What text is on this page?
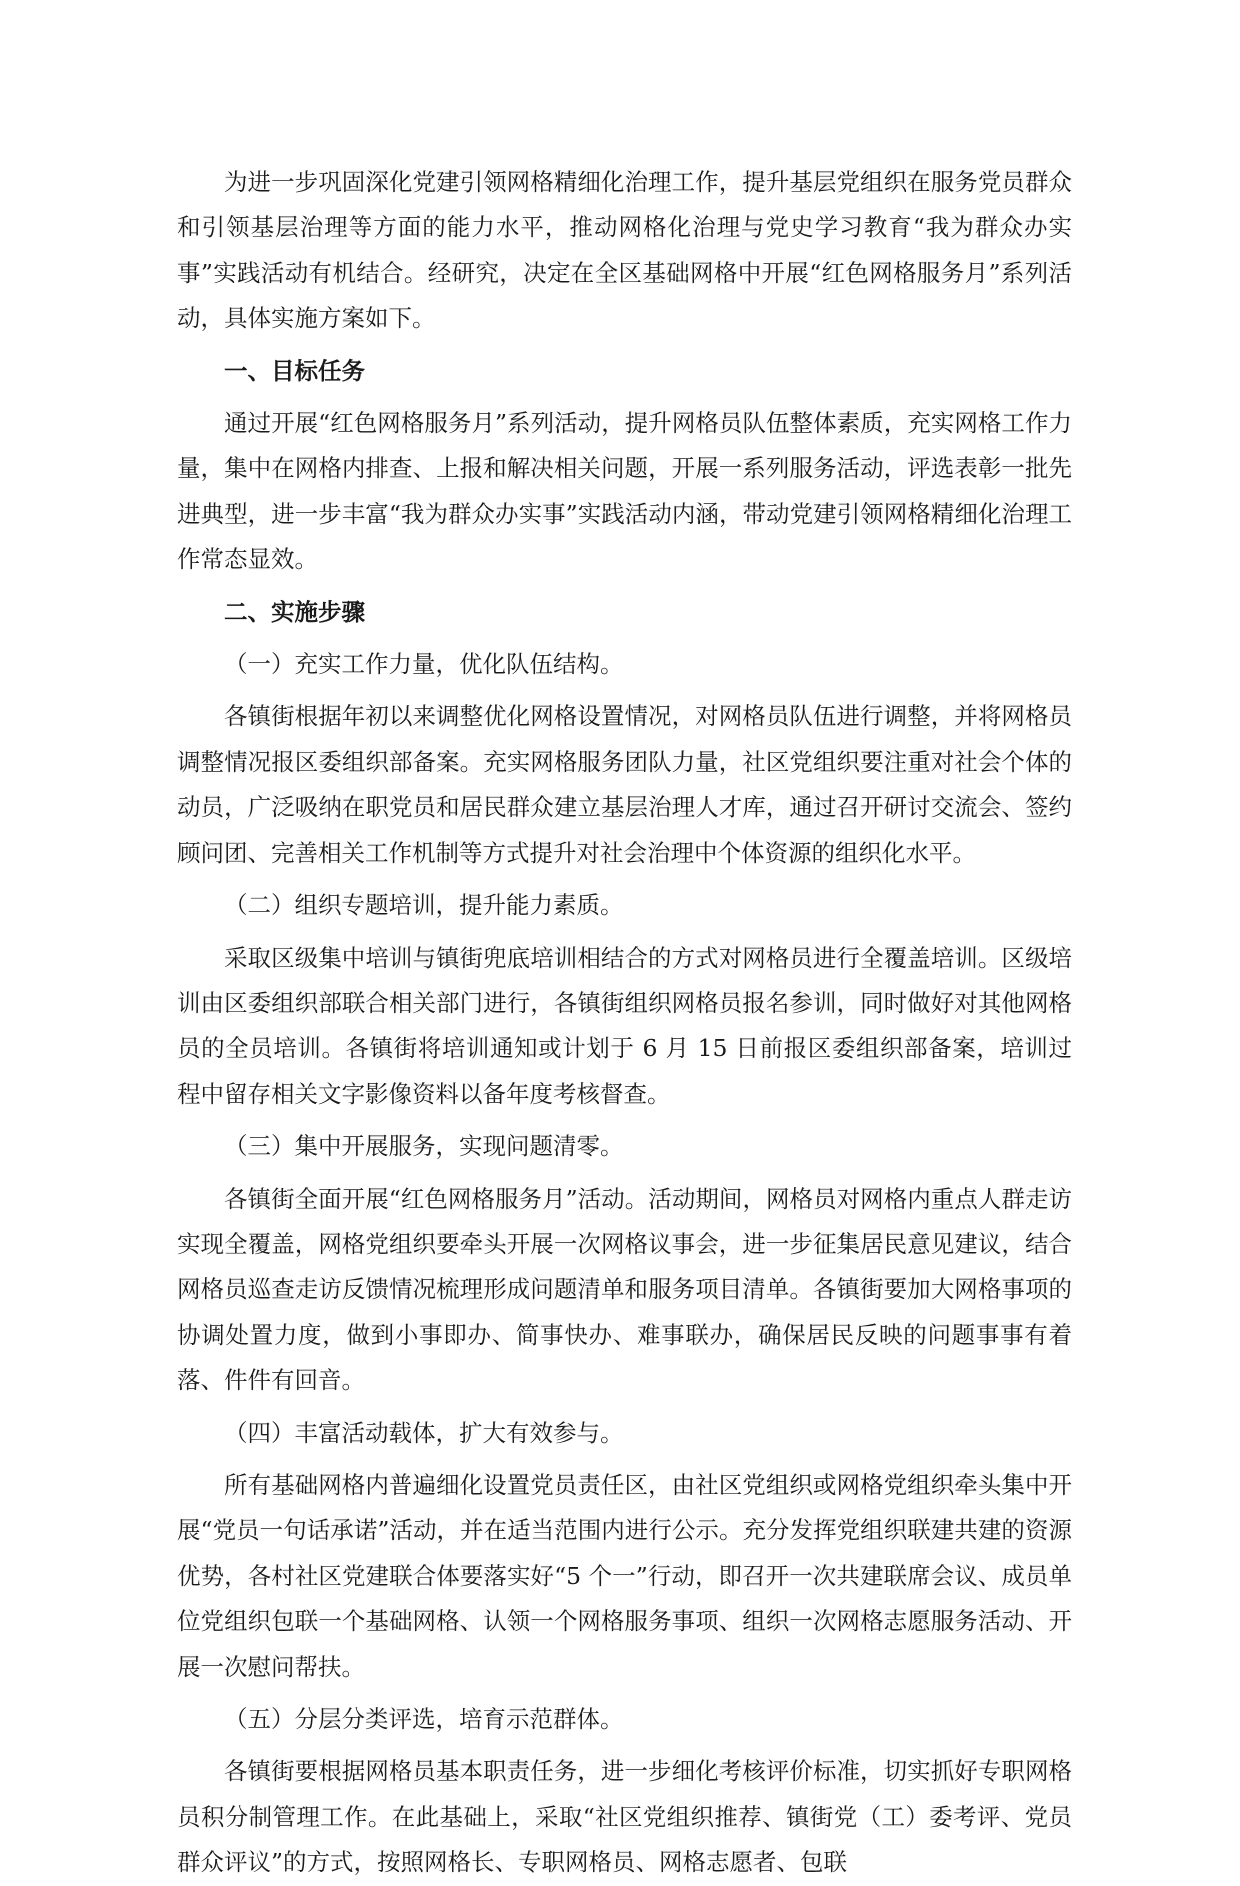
为进一步巩固深化党建引领网格精细化治理工作，提升基层党组织在服务党员群众和引领基层治理等方面的能力水平，推动网格化治理与党史学习教育“我为群众办实事”实践活动有机结合。经研究，决定在全区基础网格中开展“红色网格服务月”系列活动，具体实施方案如下。

一、目标任务

通过开展“红色网格服务月”系列活动，提升网格员队伍整体素质，充实网格工作力量，集中在网格内排查、上报和解决相关问题，开展一系列服务活动，评选表彰一批先进典型，进一步丰富“我为群众办实事”实践活动内涵，带动党建引领网格精细化治理工作常态显效。

二、实施步骤

（一）充实工作力量，优化队伍结构。

各镇街根据年初以来调整优化网格设置情况，对网格员队伍进行调整，并将网格员调整情况报区委组织部备案。充实网格服务团队力量，社区党组织要注重对社会个体的动员，广泛吸纳在职党员和居民群众建立基层治理人才库，通过召开研讨交流会、签约顾问团、完善相关工作机制等方式提升对社会治理中个体资源的组织化水平。

（二）组织专题培训，提升能力素质。

采取区级集中培训与镇街兜底培训相结合的方式对网格员进行全覆盖培训。区级培训由区委组织部联合相关部门进行，各镇街组织网格员报名参训，同时做好对其他网格员的全员培训。各镇街将培训通知或计划于 6 月 15 日前报区委组织部备案，培训过程中留存相关文字影像资料以备年度考核督查。

（三）集中开展服务，实现问题清零。

各镇街全面开展“红色网格服务月”活动。活动期间，网格员对网格内重点人群走访实现全覆盖，网格党组织要牵头开展一次网格议事会，进一步征集居民意见建议，结合网格员巡查走访反馈情况梳理形成问题清单和服务项目清单。各镇街要加大网格事项的协调处置力度，做到小事即办、简事快办、难事联办，确保居民反映的问题事事有着落、件件有回音。

（四）丰富活动载体，扩大有效参与。

所有基础网格内普遍细化设置党员责任区，由社区党组织或网格党组织牵头集中开展“党员一句话承诺”活动，并在适当范围内进行公示。充分发挥党组织联建共建的资源优势，各村社区党建联合体要落实好“5 个一”行动，即召开一次共建联席会议、成员单位党组织包联一个基础网格、认领一个网格服务事项、组织一次网格志愿服务活动、开展一次慰问帮扶。

（五）分层分类评选，培育示范群体。

各镇街要根据网格员基本职责任务，进一步细化考核评价标准，切实抓好专职网格员积分制管理工作。在此基础上，采取“社区党组织推荐、镇街党（工）委考评、党员群众评议”的方式，按照网格长、专职网格员、网格志愿者、包联
